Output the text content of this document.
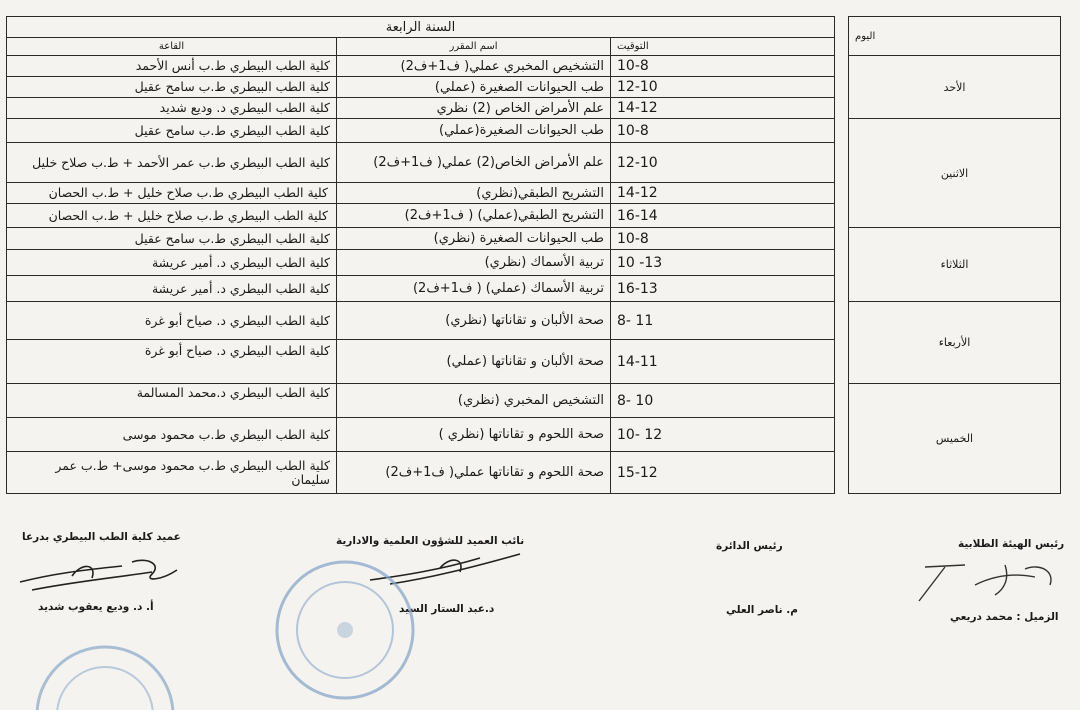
اليوم		السنة الرابعة		
		التوقيت	اسم المقرر	القاعة
الأحد		10-8	التشخيص المخبري عملي( ف1+ف2)	كلية الطب البيطري ط.ب أنس الأحمد
		12-10	طب الحيوانات الصغيرة (عملي)	كلية الطب البيطري ط.ب سامح عقيل
		14-12	علم الأمراض الخاص (2) نظري	كلية الطب البيطري د. وديع شديد
الاثنين		10-8	طب الحيوانات الصغيرة(عملي)	كلية الطب البيطري ط.ب سامح عقيل
		12-10	علم الأمراض الخاص(2) عملي( ف1+ف2)	كلية الطب البيطري ط.ب عمر الأحمد + ط.ب صلاح خليل
		14-12	التشريح الطبقي(نظري)	كلية الطب البيطري ط.ب صلاح خليل + ط.ب الحصان
		16-14	التشريح الطبقي(عملي) ( ف1+ف2)	كلية الطب البيطري ط.ب صلاح خليل + ط.ب الحصان
الثلاثاء		10-8	طب الحيوانات الصغيرة (نظري)	كلية الطب البيطري ط.ب سامح عقيل
		10 -13	تربية الأسماك (نظري)	كلية الطب البيطري د. أمير عريشة
		16-13	تربية الأسماك (عملي) ( ف1+ف2)	كلية الطب البيطري د. أمير عريشة
الأربعاء		8- 11	صحة الألبان و تقاناتها (نظري)	كلية الطب البيطري د. صياح أبو غرة
		14-11	صحة الألبان و تقاناتها (عملي)	كلية الطب البيطري د. صياح أبو غرة
الخميس		8- 10	التشخيص المخبري (نظري)	كلية الطب البيطري د.محمد المسالمة
		10- 12	صحة اللحوم و تقاناتها (نظري )	كلية الطب البيطري ط.ب محمود موسى
		15-12	صحة اللحوم و تقاناتها عملي( ف1+ف2)	كلية الطب البيطري ط.ب محمود موسى+ ط.ب عمر سليمان
عميد كلية الطب البيطري بدرعا	نائب العميد للشؤون العلمية والادارية	رئيس الدائرة	رئيس الهيئة الطلابية
أ. د. وديع يعقوب شديد	د.عبد الستار السيد	م. ناصر العلي
الزميل : محمد دريعي
